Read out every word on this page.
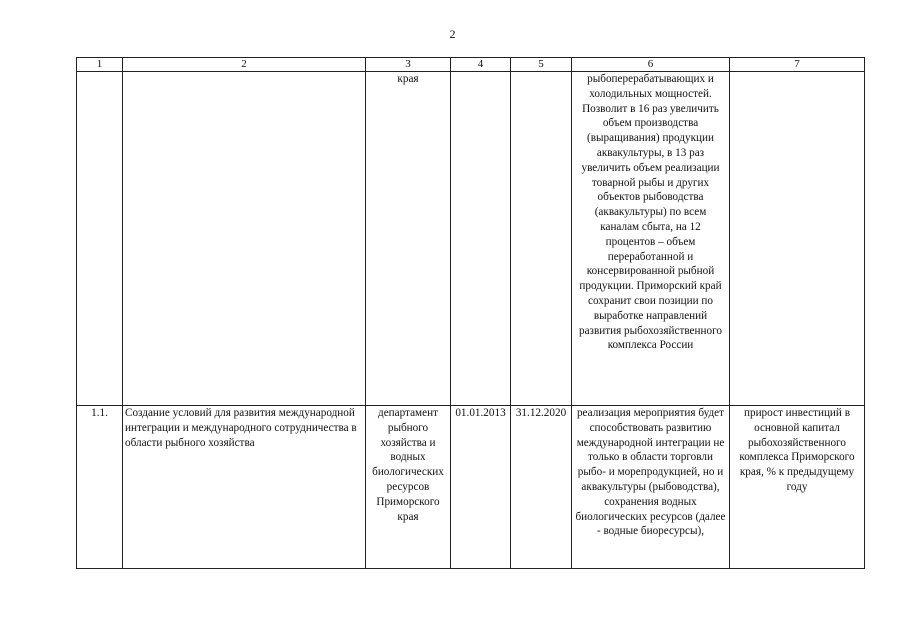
2
1	2	3	4	5	6	7
		края			рыбоперерабатывающих и холодильных мощностей. Позволит в 16 раз увеличить объем производства (выращивания) продукции аквакультуры, в 13 раз увеличить объем реализации товарной рыбы и других объектов рыбоводства (аквакультуры) по всем каналам сбыта, на 12 процентов – объем переработанной и консервированной рыбной продукции. Приморский край сохранит свои позиции по выработке направлений развития рыбохозяйственного комплекса России	
1.1.	Создание условий для развития международной интеграции и международного сотрудничества в области рыбного хозяйства	департамент рыбного хозяйства и водных биологических ресурсов Приморского края	01.01.2013	31.12.2020	реализация мероприятия будет способствовать развитию международной интеграции не только в области торговли рыбо- и морепродукцией, но и аквакультуры (рыбоводства), сохранения водных биологических ресурсов (далее - водные биоресурсы),	прирост инвестиций в основной капитал рыбохозяйственного комплекса Приморского края, % к предыдущему году
